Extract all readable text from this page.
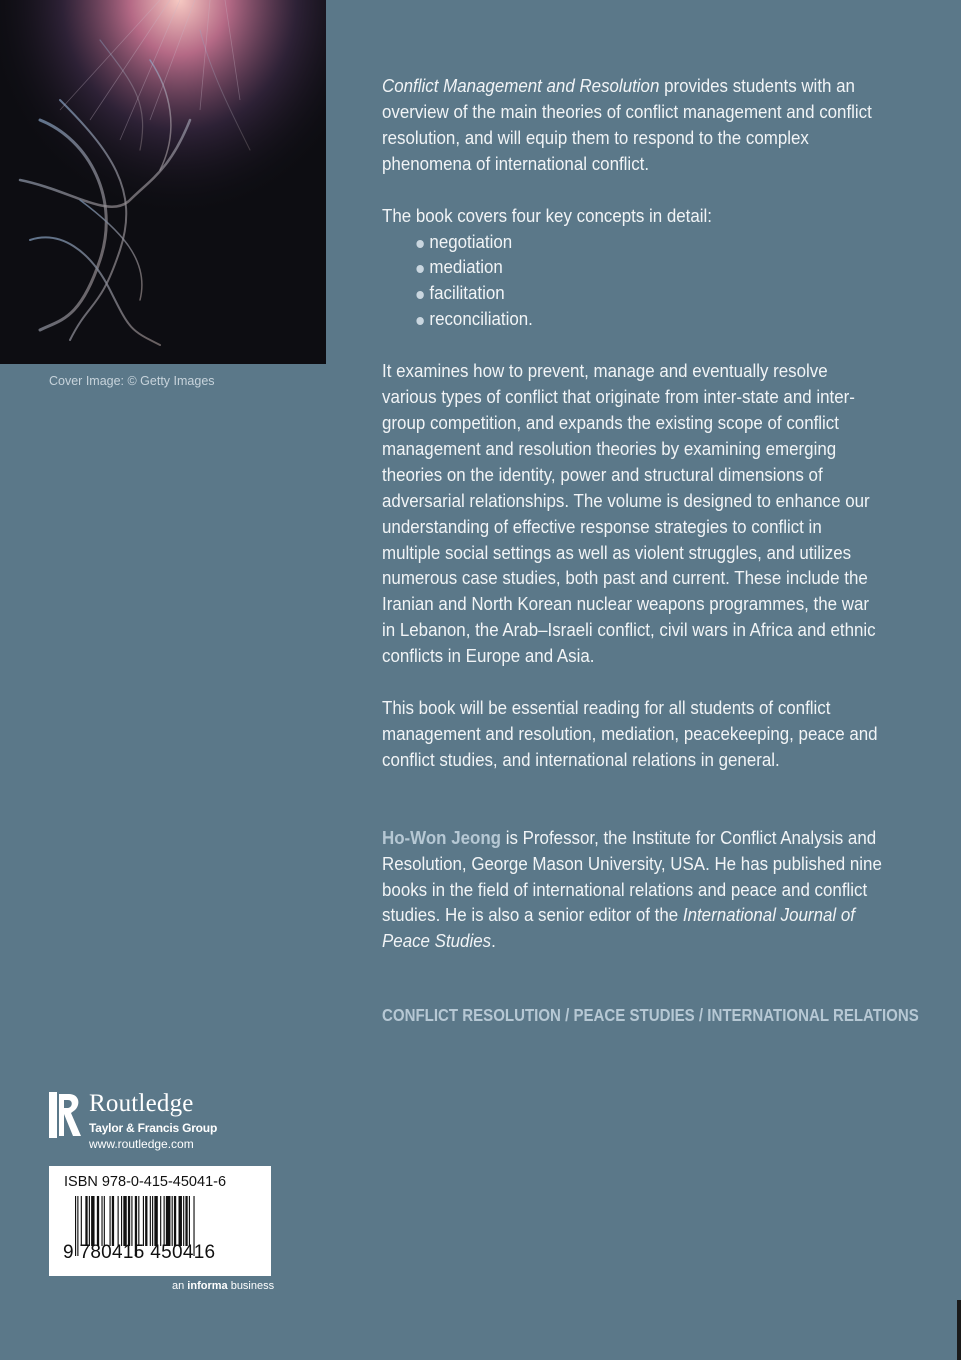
Cover Image: © Getty Images

Conflict Management and Resolution provides students with an overview of the main theories of conflict management and conflict resolution, and will equip them to respond to the complex phenomena of international conflict.

The book covers four key concepts in detail:

negotiation
mediation
facilitation
reconciliation.

It examines how to prevent, manage and eventually resolve various types of conflict that originate from inter-state and inter-group competition, and expands the existing scope of conflict management and resolution theories by examining emerging theories on the identity, power and structural dimensions of adversarial relationships. The volume is designed to enhance our understanding of effective response strategies to conflict in multiple social settings as well as violent struggles, and utilizes numerous case studies, both past and current. These include the Iranian and North Korean nuclear weapons programmes, the war in Lebanon, the Arab–Israeli conflict, civil wars in Africa and ethnic conflicts in Europe and Asia.

This book will be essential reading for all students of conflict management and resolution, mediation, peacekeeping, peace and conflict studies, and international relations in general.

Ho-Won Jeong is Professor, the Institute for Conflict Analysis and Resolution, George Mason University, USA. He has published nine books in the field of international relations and peace and conflict studies. He is also a senior editor of the International Journal of Peace Studies.

CONFLICT RESOLUTION / PEACE STUDIES / INTERNATIONAL RELATIONS
Routledge
Taylor & Francis Group
www.routledge.com
ISBN 978-0-415-45041-6
9 780415 450416
an informa business
